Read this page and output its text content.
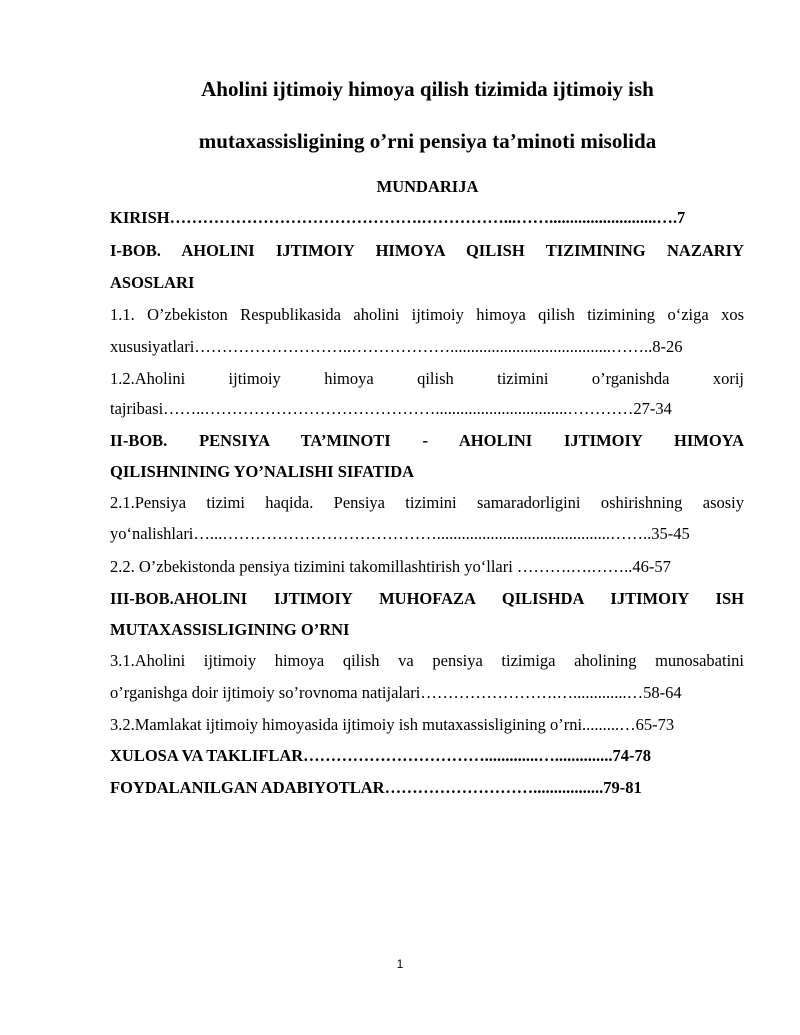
Aholini ijtimoiy himoya qilish tizimida ijtimoiy ish
mutaxassisligining o’rni pensiya ta’minoti misolida
MUNDARIJA
KIRISH……………………………………….……………...……..........................….7
I-BOB. AHOLINI IJTIMOIY HIMOYA QILISH TIZIMINING NAZARIY
ASOSLARI
1.1. O’zbekiston Respublikasida aholini ijtimoiy himoya qilish tizimining o‘ziga xos
xususiyatlari………………………..……………….......................................……..8-26
1.2.Aholini ijtimoiy himoya qilish tizimini o’rganishda xorij
tajribasi……..……………………………………................................…………27-34
II-BOB. PENSIYA TA’MINOTI - AHOLINI IJTIMOIY HIMOYA
QILISHNINING YO’NALISHI SIFATIDA
2.1.Pensiya tizimi haqida. Pensiya tizimini samaradorligini oshirishning asosiy
yo‘nalishlari…...…………………………………..........................................……..35-45
2.2. O’zbekistonda pensiya tizimini takomillashtirish yo‘llari ……….….……..46-57
III-BOB.AHOLINI IJTIMOIY MUHOFAZA QILISHDA IJTIMOIY ISH
MUTAXASSISLIGINING O’RNI
3.1.Aholini ijtimoiy himoya qilish va pensiya tizimiga aholining munosabatini
o’rganishga doir ijtimoiy so’rovnoma natijalari…………………….….............…58-64
3.2.Mamlakat ijtimoiy himoyasida ijtimoiy ish mutaxassisligining o’rni.........…65-73
XULOSA VA TAKLIFLAR…………………………….............…..............74-78
FOYDALANILGAN ADABIYOTLAR……………………….................79-81
1
